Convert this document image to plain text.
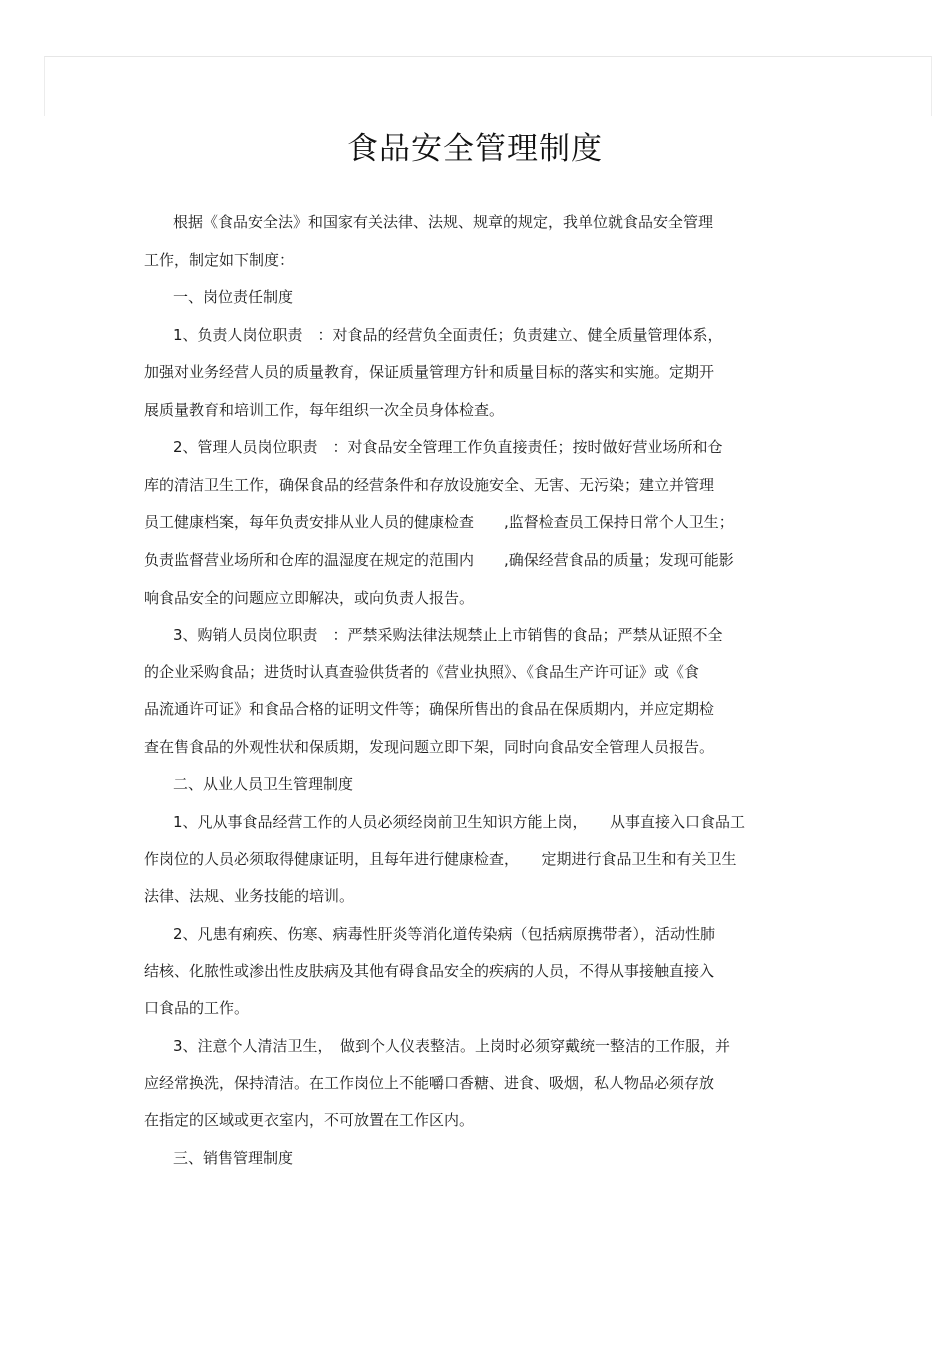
食品安全管理制度
根据《食品安全法》和国家有关法律、法规、规章的规定，我单位就食品安全管理
工作，制定如下制度：
一、岗位责任制度
1、负责人岗位职责　：对食品的经营负全面责任；负责建立、健全质量管理体系，
加强对业务经营人员的质量教育，保证质量管理方针和质量目标的落实和实施。定期开
展质量教育和培训工作，每年组织一次全员身体检查。
2、管理人员岗位职责　：对食品安全管理工作负直接责任；按时做好营业场所和仓
库的清洁卫生工作，确保食品的经营条件和存放设施安全、无害、无污染；建立并管理
员工健康档案，每年负责安排从业人员的健康检查　　,监督检查员工保持日常个人卫生；
负责监督营业场所和仓库的温湿度在规定的范围内　　,确保经营食品的质量；发现可能影
响食品安全的问题应立即解决，或向负责人报告。
3、购销人员岗位职责　：严禁采购法律法规禁止上市销售的食品；严禁从证照不全
的企业采购食品；进货时认真查验供货者的《营业执照》、《食品生产许可证》或《食
品流通许可证》和食品合格的证明文件等；确保所售出的食品在保质期内，并应定期检
查在售食品的外观性状和保质期，发现问题立即下架，同时向食品安全管理人员报告。
二、从业人员卫生管理制度
1、凡从事食品经营工作的人员必须经岗前卫生知识方能上岗，　　从事直接入口食品工
作岗位的人员必须取得健康证明，且每年进行健康检查，　　定期进行食品卫生和有关卫生
法律、法规、业务技能的培训。
2、凡患有痢疾、伤寒、病毒性肝炎等消化道传染病（包括病原携带者），活动性肺
结核、化脓性或渗出性皮肤病及其他有碍食品安全的疾病的人员，不得从事接触直接入
口食品的工作。
3、注意个人清洁卫生，　做到个人仪表整洁。上岗时必须穿戴统一整洁的工作服，并
应经常换洗，保持清洁。在工作岗位上不能嚼口香糖、进食、吸烟，私人物品必须存放
在指定的区域或更衣室内，不可放置在工作区内。
三、销售管理制度
